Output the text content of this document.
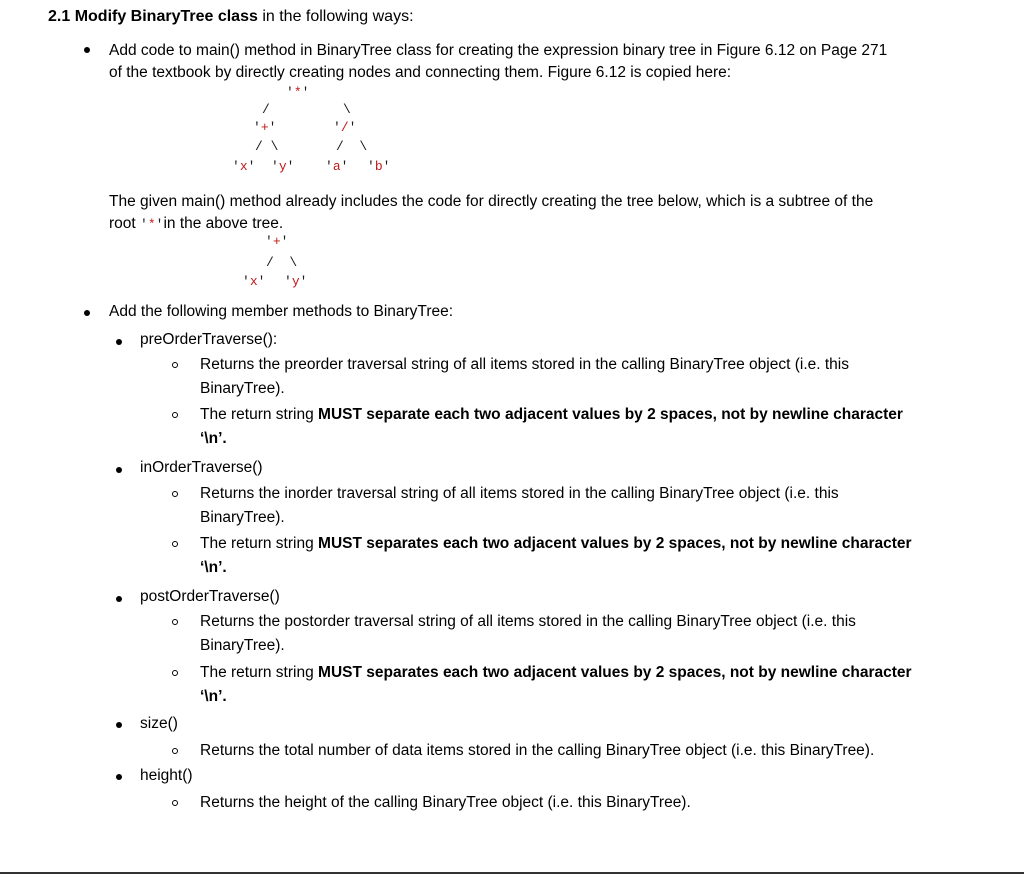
2.1 Modify BinaryTree class in the following ways:
Add code to main() method in BinaryTree class for creating the expression binary tree in Figure 6.12 on Page 271
of the textbook by directly creating nodes and connecting them. Figure 6.12 is copied here:
'*'
/	\
'+'	'/'
/ \	/  \
'x' 'y' 'a' 'b'
The given main() method already includes the code for directly creating the tree below, which is a subtree of the
root '*'in the above tree.
'+'
/  \
'x' 'y'
Add the following member methods to BinaryTree:
preOrderTraverse():
Returns the preorder traversal string of all items stored in the calling BinaryTree object (i.e. this
BinaryTree).
The return string MUST separate each two adjacent values by 2 spaces, not by newline character
‘\n’.
inOrderTraverse()
Returns the inorder traversal string of all items stored in the calling BinaryTree object (i.e. this
BinaryTree).
The return string MUST separates each two adjacent values by 2 spaces, not by newline character
‘\n’.
postOrderTraverse()
Returns the postorder traversal string of all items stored in the calling BinaryTree object (i.e. this
BinaryTree).
The return string MUST separates each two adjacent values by 2 spaces, not by newline character
‘\n’.
size()
Returns the total number of data items stored in the calling BinaryTree object (i.e. this BinaryTree).
height()
Returns the height of the calling BinaryTree object (i.e. this BinaryTree).
